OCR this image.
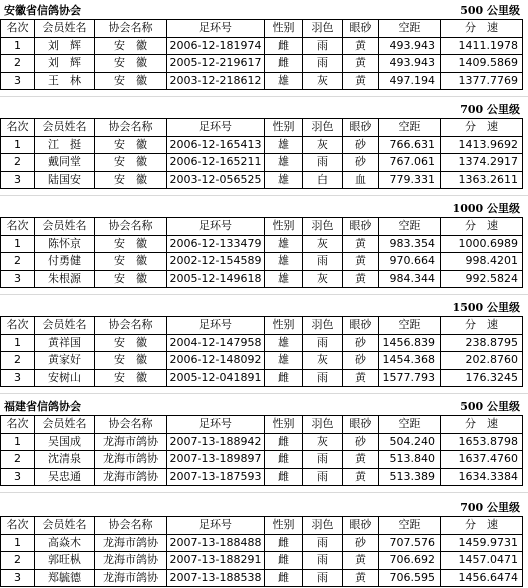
安徽省信鸽协会	500 公里级
名次	会员姓名	协会名称	足环号	性别	羽色	眼砂	空距	分　速
1	刘　辉	安　徽	2006-12-181974	雌	雨	黄	493.943	1411.1978
2	刘　辉	安　徽	2005-12-219617	雌	雨	黄	493.943	1409.5869
3	王　林	安　徽	2003-12-218612	雄	灰	黄	497.194	1377.7769
700 公里级
名次	会员姓名	协会名称	足环号	性别	羽色	眼砂	空距	分　速
1	江　挺	安　徽	2006-12-165413	雄	灰	砂	766.631	1413.9692
2	戴同堂	安　徽	2006-12-165211	雄	雨	砂	767.061	1374.2917
3	陆国安	安　徽	2003-12-056525	雄	白	血	779.331	1363.2611
1000 公里级
名次	会员姓名	协会名称	足环号	性别	羽色	眼砂	空距	分　速
1	陈怀京	安　徽	2006-12-133479	雄	灰	黄	983.354	1000.6989
2	付勇健	安　徽	2002-12-154589	雄	雨	黄	970.664	998.4201
3	朱根源	安　徽	2005-12-149618	雄	灰	黄	984.344	992.5824
1500 公里级
名次	会员姓名	协会名称	足环号	性别	羽色	眼砂	空距	分　速
1	黄祥国	安　徽	2004-12-147958	雄	雨	砂	1456.839	238.8795
2	黄家好	安　徽	2006-12-148092	雄	灰	砂	1454.368	202.8760
3	安树山	安　徽	2005-12-041891	雌	雨	黄	1577.793	176.3245
福建省信鸽协会	500 公里级
名次	会员姓名	协会名称	足环号	性别	羽色	眼砂	空距	分　速
1	吴国成	龙海市鸽协	2007-13-188942	雌	灰	砂	504.240	1653.8798
2	沈清泉	龙海市鸽协	2007-13-189897	雌	雨	黄	513.840	1637.4760
3	吴忠通	龙海市鸽协	2007-13-187593	雌	雨	黄	513.389	1634.3384
700 公里级
名次	会员姓名	协会名称	足环号	性别	羽色	眼砂	空距	分　速
1	高焱木	龙海市鸽协	2007-13-188488	雌	雨	砂	707.576	1459.9731
2	郭旺枞	龙海市鸽协	2007-13-188291	雌	雨	黄	706.692	1457.0471
3	郑毓德	龙海市鸽协	2007-13-188538	雌	雨	黄	706.595	1456.6474
